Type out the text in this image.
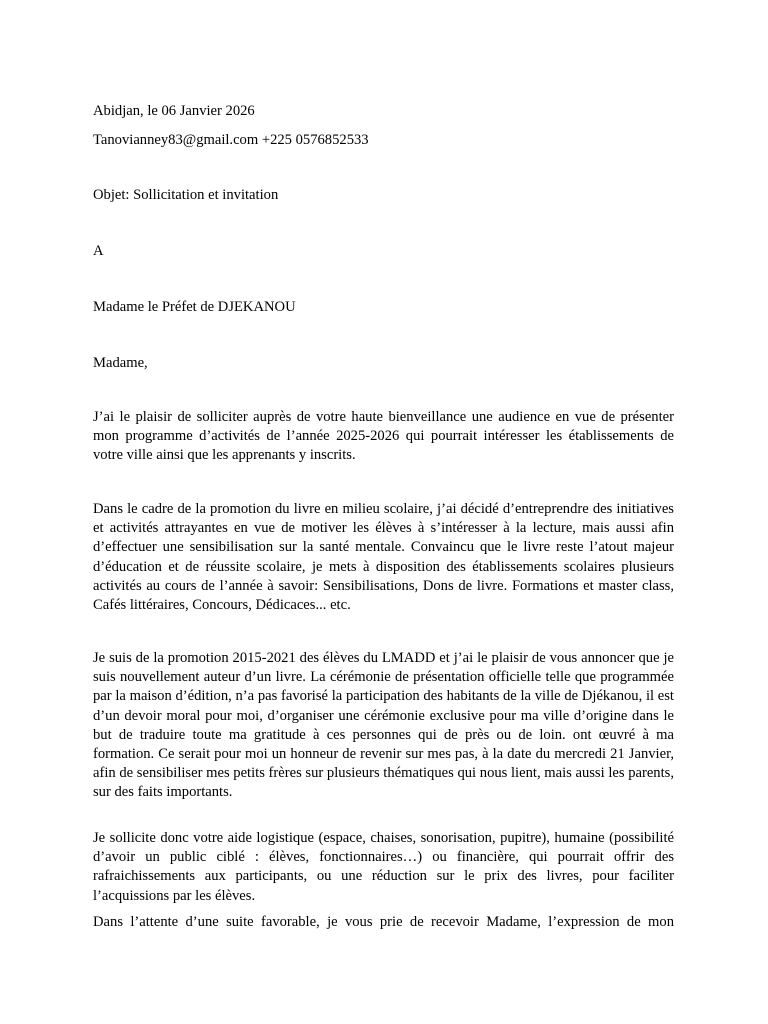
Abidjan, le 06 Janvier 2026
Tanovianney83@gmail.com +225 0576852533
Objet: Sollicitation et invitation
A
Madame le Préfet de DJEKANOU
Madame,
J’ai le plaisir de solliciter auprès de votre haute bienveillance une audience en vue de présenter mon programme d’activités de l’année 2025-2026 qui pourrait intéresser les établissements de votre ville ainsi que les apprenants y inscrits.
Dans le cadre de la promotion du livre en milieu scolaire, j’ai décidé d’entreprendre des initiatives et activités attrayantes en vue de motiver les élèves à s’intéresser à la lecture, mais aussi afin d’effectuer une sensibilisation sur la santé mentale. Convaincu que le livre reste l’atout majeur d’éducation et de réussite scolaire, je mets à disposition des établissements scolaires plusieurs activités au cours de l’année à savoir: Sensibilisations, Dons de livre. Formations et master class, Cafés littéraires, Concours, Dédicaces... etc.
Je suis de la promotion 2015-2021 des élèves du LMADD et j’ai le plaisir de vous annoncer que je suis nouvellement auteur d’un livre. La cérémonie de présentation officielle telle que programmée par la maison d’édition, n’a pas favorisé la participation des habitants de la ville de Djékanou, il est d’un devoir moral pour moi, d’organiser une cérémonie exclusive pour ma ville d’origine dans le but de traduire toute ma gratitude à ces personnes qui de près ou de loin. ont œuvré à ma formation. Ce serait pour moi un honneur de revenir sur mes pas, à la date du mercredi 21 Janvier, afin de sensibiliser mes petits frères sur plusieurs thématiques qui nous lient, mais aussi les parents, sur des faits importants.
Je sollicite donc votre aide logistique (espace, chaises, sonorisation, pupitre), humaine (possibilité d’avoir un public ciblé : élèves, fonctionnaires…) ou financière, qui pourrait offrir des rafraichissements aux participants, ou une réduction sur le prix des livres, pour faciliter l’acquissions par les élèves.
Dans l’attente d’une suite favorable, je vous prie de recevoir Madame, l’expression de mon
